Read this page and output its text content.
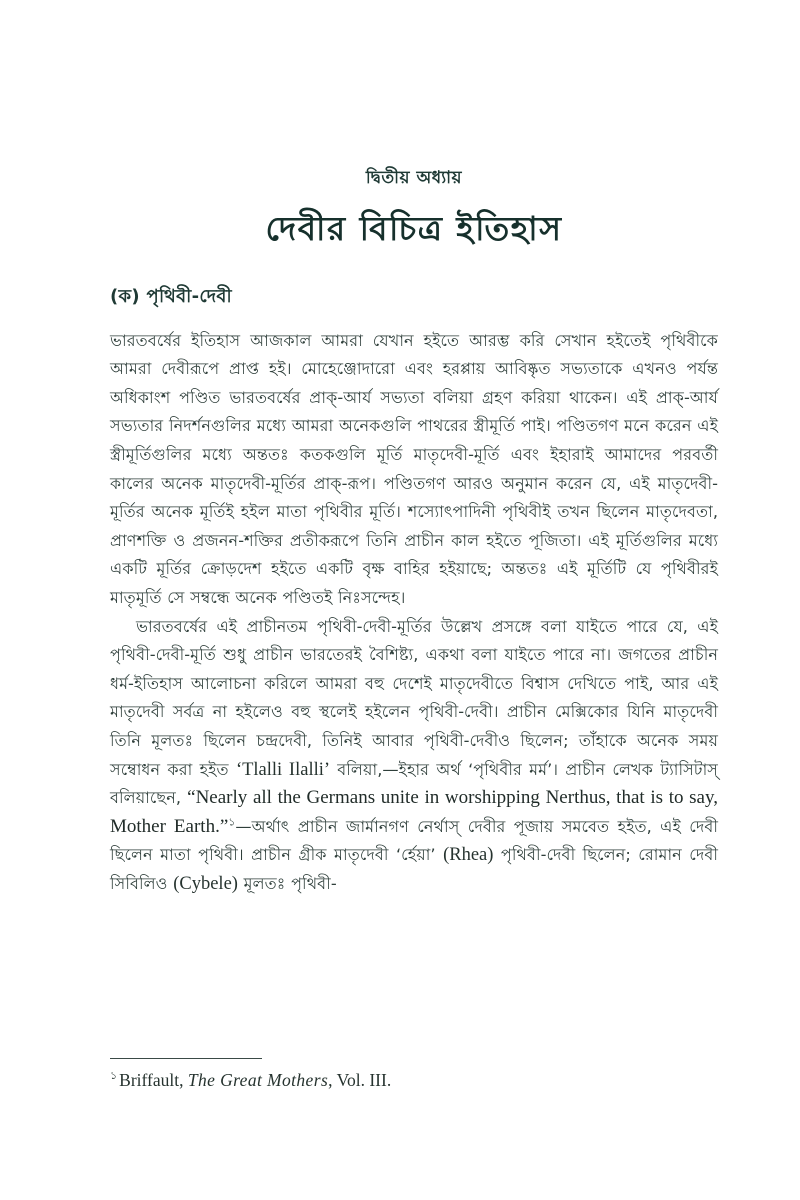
দ্বিতীয় অধ্যায়
দেবীর বিচিত্র ইতিহাস
(ক) পৃথিবী-দেবী

ভারতবর্ষের ইতিহাস আজকাল আমরা যেখান হইতে আরম্ভ করি সেখান হইতেই পৃথিবীকে আমরা দেবীরূপে প্রাপ্ত হই। মোহেঞ্জোদারো এবং হরপ্পায় আবিষ্কৃত সভ্যতাকে এখনও পর্যন্ত অধিকাংশ পণ্ডিত ভারতবর্ষের প্রাক্-আর্য সভ্যতা বলিয়া গ্রহণ করিয়া থাকেন। এই প্রাক্-আর্য সভ্যতার নিদর্শনগুলির মধ্যে আমরা অনেকগুলি পাথরের স্ত্রীমূর্তি পাই। পণ্ডিতগণ মনে করেন এই স্ত্রীমূর্তিগুলির মধ্যে অন্ততঃ কতকগুলি মূর্তি মাতৃদেবী-মূর্তি এবং ইহারাই আমাদের পরবর্তী কালের অনেক মাতৃদেবী-মূর্তির প্রাক্-রূপ। পণ্ডিতগণ আরও অনুমান করেন যে, এই মাতৃদেবী-মূর্তির অনেক মূর্তিই হইল মাতা পৃথিবীর মূর্তি। শস্যোৎপাদিনী পৃথিবীই তখন ছিলেন মাতৃদেবতা, প্রাণশক্তি ও প্রজনন-শক্তির প্রতীকরূপে তিনি প্রাচীন কাল হইতে পূজিতা। এই মূর্তিগুলির মধ্যে একটি মূর্তির ক্রোড়দেশ হইতে একটি বৃক্ষ বাহির হইয়াছে; অন্ততঃ এই মূর্তিটি যে পৃথিবীরই মাতৃমূর্তি সে সম্বন্ধে অনেক পণ্ডিতই নিঃসন্দেহ।

ভারতবর্ষের এই প্রাচীনতম পৃথিবী-দেবী-মূর্তির উল্লেখ প্রসঙ্গে বলা যাইতে পারে যে, এই পৃথিবী-দেবী-মূর্তি শুধু প্রাচীন ভারতেরই বৈশিষ্ট্য, একথা বলা যাইতে পারে না। জগতের প্রাচীন ধর্ম-ইতিহাস আলোচনা করিলে আমরা বহু দেশেই মাতৃদেবীতে বিশ্বাস দেখিতে পাই, আর এই মাতৃদেবী সর্বত্র না হইলেও বহু স্থলেই হইলেন পৃথিবী-দেবী। প্রাচীন মেক্সিকোর যিনি মাতৃদেবী তিনি মূলতঃ ছিলেন চন্দ্রদেবী, তিনিই আবার পৃথিবী-দেবীও ছিলেন; তাঁহাকে অনেক সময় সম্বোধন করা হইত ‘Tlalli Ilalli’ বলিয়া,—ইহার অর্থ ‘পৃথিবীর মর্ম’। প্রাচীন লেখক ট্যাসিটাস্ বলিয়াছেন, “Nearly all the Germans unite in worshipping Nerthus, that is to say, Mother Earth.”$^১$—অর্থাৎ প্রাচীন জার্মানগণ নের্থাস্ দেবীর পূজায় সমবেত হইত, এই দেবী ছিলেন মাতা পৃথিবী। প্রাচীন গ্রীক মাতৃদেবী ‘র্হেয়া’ (Rhea) পৃথিবী-দেবী ছিলেন; রোমান দেবী সিবিলিও (Cybele) মূলতঃ পৃথিবী-

$^১$ Briffault, The Great Mothers, Vol. III.
